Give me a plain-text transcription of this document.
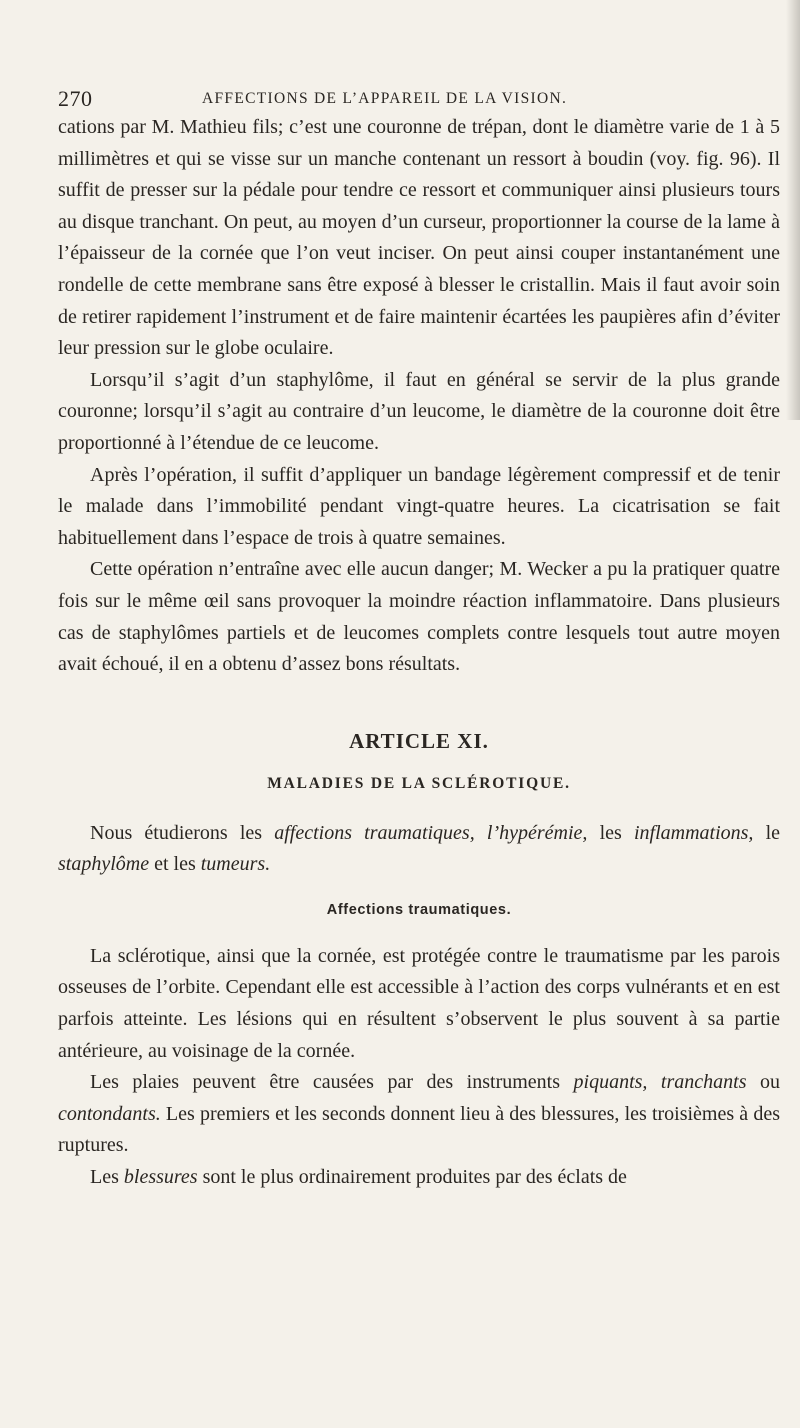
270	AFFECTIONS DE L’APPAREIL DE LA VISION.

cations par M. Mathieu fils; c’est une couronne de trépan, dont le diamètre varie de 1 à 5 millimètres et qui se visse sur un manche contenant un ressort à boudin (voy. fig. 96). Il suffit de presser sur la pédale pour tendre ce ressort et communiquer ainsi plusieurs tours au disque tranchant. On peut, au moyen d’un curseur, proportionner la course de la lame à l’épaisseur de la cornée que l’on veut inciser. On peut ainsi couper instantanément une rondelle de cette membrane sans être exposé à blesser le cristallin. Mais il faut avoir soin de retirer rapidement l’instrument et de faire maintenir écartées les paupières afin d’éviter leur pression sur le globe oculaire.

Lorsqu’il s’agit d’un staphylôme, il faut en général se servir de la plus grande couronne; lorsqu’il s’agit au contraire d’un leucome, le diamètre de la couronne doit être proportionné à l’étendue de ce leucome.

Après l’opération, il suffit d’appliquer un bandage légèrement compressif et de tenir le malade dans l’immobilité pendant vingt-quatre heures. La cicatrisation se fait habituellement dans l’espace de trois à quatre semaines.

Cette opération n’entraîne avec elle aucun danger; M. Wecker a pu la pratiquer quatre fois sur le même œil sans provoquer la moindre réaction inflammatoire. Dans plusieurs cas de staphylômes partiels et de leucomes complets contre lesquels tout autre moyen avait échoué, il en a obtenu d’assez bons résultats.

ARTICLE XI.
MALADIES DE LA SCLÉROTIQUE.

Nous étudierons les affections traumatiques, l’hypérémie, les inflammations, le staphylôme et les tumeurs.

Affections traumatiques.

La sclérotique, ainsi que la cornée, est protégée contre le traumatisme par les parois osseuses de l’orbite. Cependant elle est accessible à l’action des corps vulnérants et en est parfois atteinte. Les lésions qui en résultent s’observent le plus souvent à sa partie antérieure, au voisinage de la cornée.

Les plaies peuvent être causées par des instruments piquants, tranchants ou contondants. Les premiers et les seconds donnent lieu à des blessures, les troisièmes à des ruptures.

Les blessures sont le plus ordinairement produites par des éclats de
